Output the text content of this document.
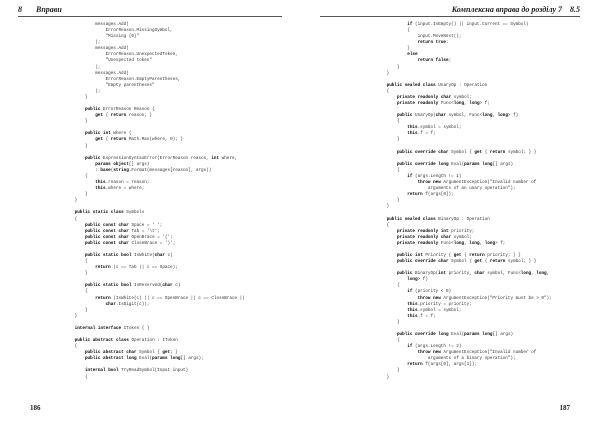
8 Вправи
messages.Add(
ErrorReason.MissingSymbol,
"Missing {0}"
);
messages.Add(
ErrorReason.UnexpectedToken,
"Unexpected token"
);
messages.Add(
ErrorReason.EmptyParentheses,
"Empty parentheses"
);
}
public ErrorReason Reason {
get { return reason; }
}
public int Where {
get { return Math.Max(where, 0); }
}
public ExpressionSyntaxError(ErrorReason reason, int where,
params object[] args)
: base(string.Format(messages[reason], args))
{
this.reason = reason;
this.where = where;
}
}
public static class Symbols
{
public const char Space = ' ';
public const char Tab = '\t';
public const char OpenBrace = '(';
public const char CloseBrace = ')';
public static bool IsWhite(char c)
{
return (c == Tab || c == Space);
}
public static bool IsReserved(char c)
{
return (IsWhite(c) || c == OpenBrace || c == CloseBrace ||
char.IsDigit(c));
}
}
internal interface IToken { }
public abstract class Operation : IToken
{
public abstract char Symbol { get; }
public abstract long Eval(params long[] args);
internal bool TryReadSymbol(Input input)
{
186
Комплексна вправа до розділу 7 8.5
if (input.IsEmpty() || input.Current == Symbol)
{
input.MoveNext();
return true;
}
else
return false;
}
}
public sealed class UnaryOp : Operation
{
private readonly char symbol;
private readonly Func<long, long> f;
public UnaryOp(char symbol, Func<long, long> f)
{
this.symbol = symbol;
this.f = f;
}
public override char Symbol { get { return symbol; } }
public override long Eval(params long[] args)
{
if (args.Length != 1)
throw new ArgumentException("Invalid number of
arguments of an unary operation");
return f(args[0]);
}
}
public sealed class BinaryOp : Operation
{
private readonly int priority;
private readonly char symbol;
private readonly Func<long, long, long> f;
public int Priority { get { return priority; } }
public override char Symbol { get { return symbol; } }
public BinaryOp(int priority, char symbol, Func<long, long,
long> f)
{
if (priority < 0)
throw new ArgumentException("Priority must be > 0");
this.priority = priority;
this.symbol = symbol;
this.f = f;
}
public override long Eval(params long[] args)
{
if (args.Length != 2)
throw new ArgumentException("Invalid number of
arguments of a binary operation");
return f(args[0], args[1]);
}
}
187
